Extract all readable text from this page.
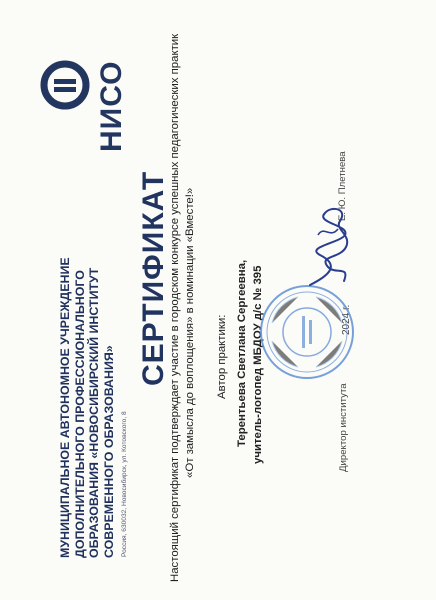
НИСО
МУНИЦИПАЛЬНОЕ АВТОНОМНОЕ УЧРЕЖДЕНИЕ ДОПОЛНИТЕЛЬНОГО ПРОФЕССИОНАЛЬНОГО ОБРАЗОВАНИЯ «НОВОСИБИРСКИЙ ИНСТИТУТ СОВРЕМЕННОГО ОБРАЗОВАНИЯ» Россия, 630032, Новосибирск, ул. Котовского, 8
СЕРТИФИКАТ Настоящий сертификат подтверждает участие в городском конкурсе успешных педагогических практик «От замысла до воплощения» в номинации «Вместе!» Автор практики: Терентьева Светлана Сергеевна, учитель-логопед МБДОУ д/с № 395	Директор института
2024 г.
Е. Ю. Плетнева
